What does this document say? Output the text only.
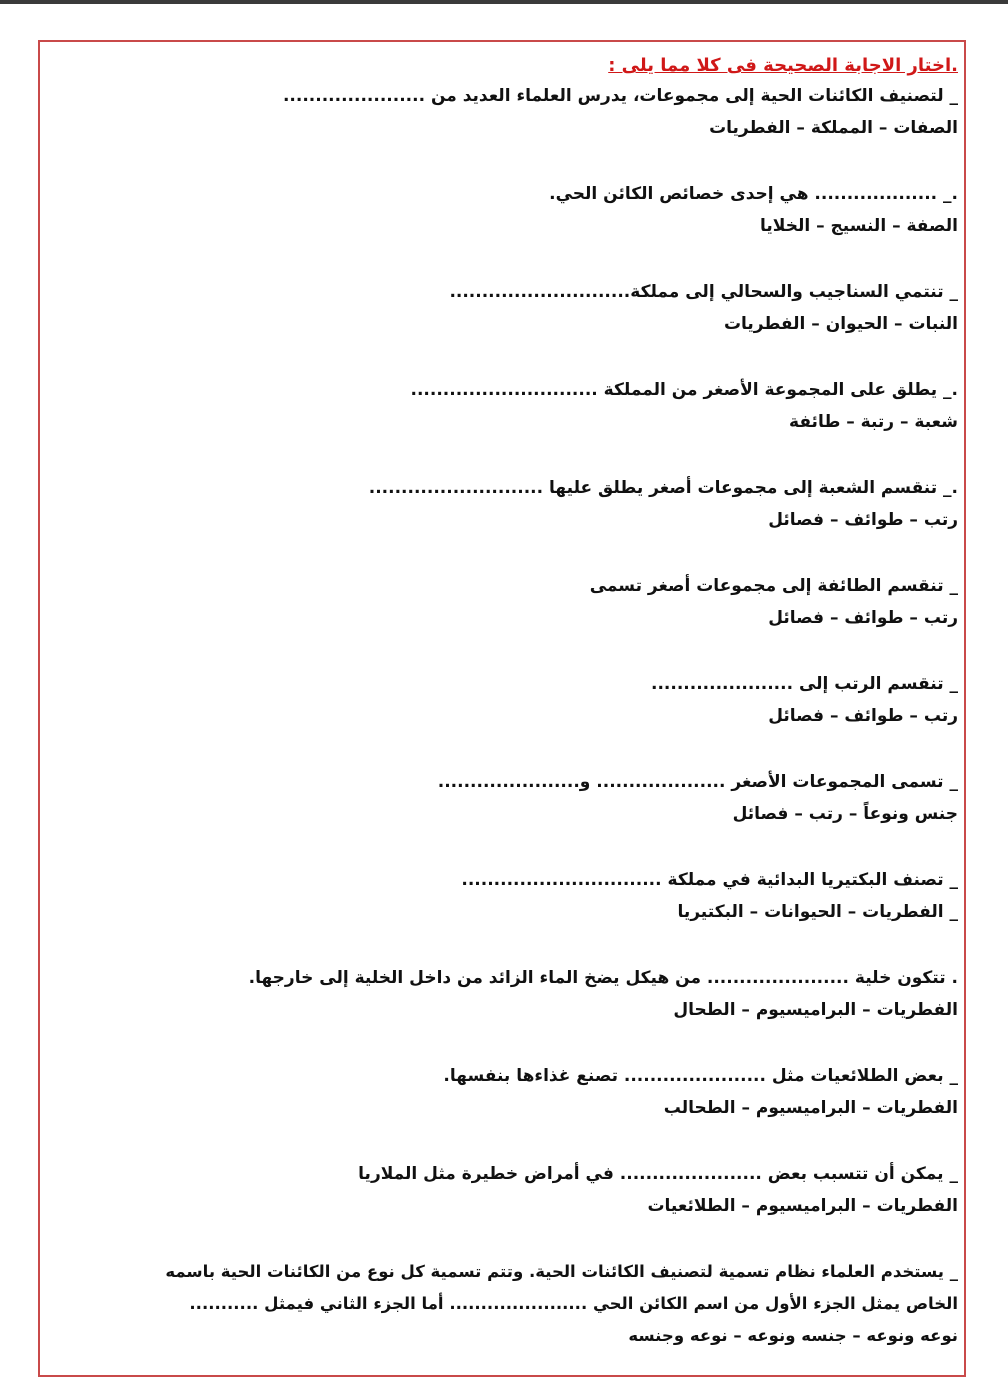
.اختار الاجابة الصحيحة فى كلا مما يلى :
_ لتصنيف الكائنات الحية إلى مجموعات، يدرس العلماء العديد من ......................
الصفات – المملكة – الفطريات
._ ................... هي إحدى خصائص الكائن الحي.
الصفة – النسيج – الخلايا
_ تنتمي السناجيب والسحالي إلى مملكة............................
النبات – الحيوان – الفطريات
._ يطلق على المجموعة الأصغر من المملكة .............................
شعبة – رتبة – طائفة
._ تنقسم الشعبة إلى مجموعات أصغر يطلق عليها ...........................
رتب – طوائف – فصائل
_ تنقسم الطائفة إلى مجموعات أصغر تسمى
رتب – طوائف – فصائل
_ تنقسم الرتب إلى ......................
رتب – طوائف – فصائل
_ تسمى المجموعات الأصغر .................... و......................
جنس ونوعاً – رتب – فصائل
_ تصنف البكتيريا البدائية في مملكة ...............................
_ الفطريات – الحيوانات – البكتيريا
. تتكون خلية ...................... من هيكل يضخ الماء الزائد من داخل الخلية إلى خارجها.
الفطريات – البراميسيوم – الطحال
_ بعض الطلائعيات مثل ...................... تصنع غذاءها بنفسها.
الفطريات – البراميسيوم – الطحالب
_ يمكن أن تتسبب بعض ...................... في أمراض خطيرة مثل الملاريا
الفطريات – البراميسيوم – الطلائعيات
_ يستخدم العلماء نظام تسمية لتصنيف الكائنات الحية. وتتم تسمية كل نوع من الكائنات الحية باسمه
الخاص يمثل الجزء الأول من اسم الكائن الحي ...................... أما الجزء الثاني فيمثل ...........
نوعه ونوعه – جنسه ونوعه – نوعه وجنسه
